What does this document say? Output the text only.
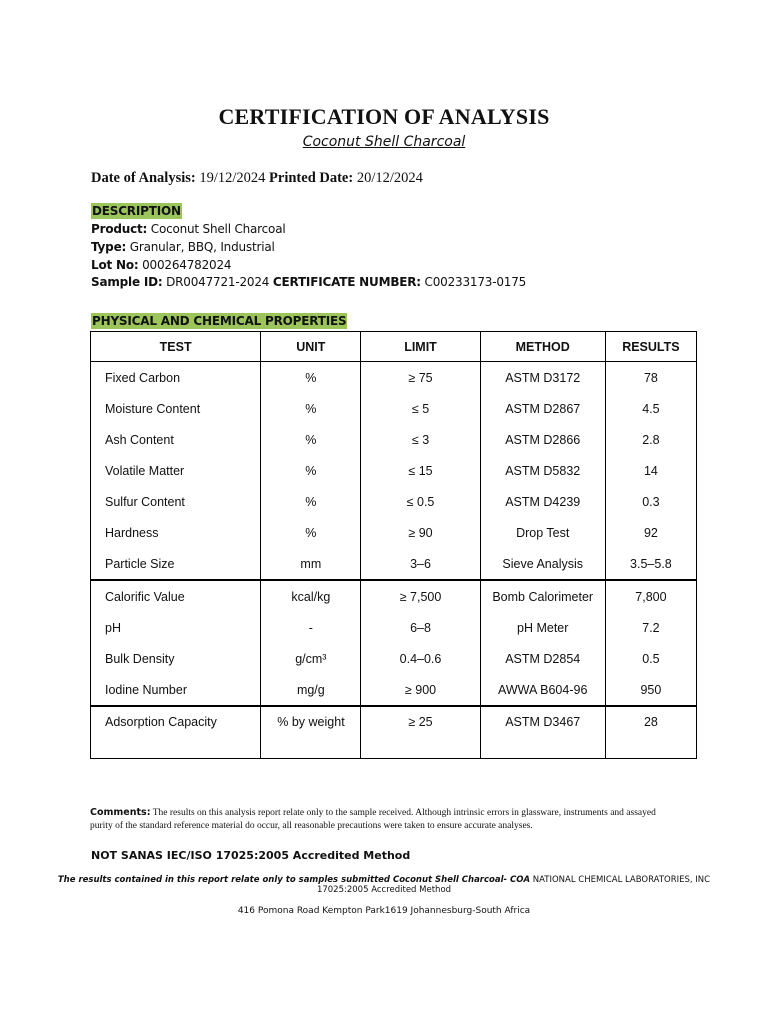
CERTIFICATION OF ANALYSIS
Coconut Shell Charcoal
Date of Analysis: 19/12/2024 Printed Date: 20/12/2024
DESCRIPTION
Product: Coconut Shell Charcoal
Type: Granular, BBQ, Industrial
Lot No: 000264782024
Sample ID: DR0047721-2024 CERTIFICATE NUMBER: C00233173-0175
PHYSICAL AND CHEMICAL PROPERTIES
TEST	UNIT	LIMIT	METHOD	RESULTS
Fixed Carbon	%	≥ 75	ASTM D3172	78
Moisture Content	%	≤ 5	ASTM D2867	4.5
Ash Content	%	≤ 3	ASTM D2866	2.8
Volatile Matter	%	≤ 15	ASTM D5832	14
Sulfur Content	%	≤ 0.5	ASTM D4239	0.3
Hardness	%	≥ 90	Drop Test	92
Particle Size	mm	3–6	Sieve Analysis	3.5–5.8
Calorific Value	kcal/kg	≥ 7,500	Bomb Calorimeter	7,800
pH	-	6–8	pH Meter	7.2
Bulk Density	g/cm³	0.4–0.6	ASTM D2854	0.5
Iodine Number	mg/g	≥ 900	AWWA B604-96	950
Adsorption Capacity	% by weight	≥ 25	ASTM D3467	28
Comments: The results on this analysis report relate only to the sample received. Although intrinsic errors in glassware, instruments and assayed purity of the standard reference material do occur, all reasonable precautions were taken to ensure accurate analyses.
NOT SANAS IEC/ISO 17025:2005 Accredited Method
The results contained in this report relate only to samples submitted Coconut Shell Charcoal- COA NATIONAL CHEMICAL LABORATORIES, INC
17025:2005 Accredited Method
416 Pomona Road Kempton Park1619 Johannesburg-South Africa
